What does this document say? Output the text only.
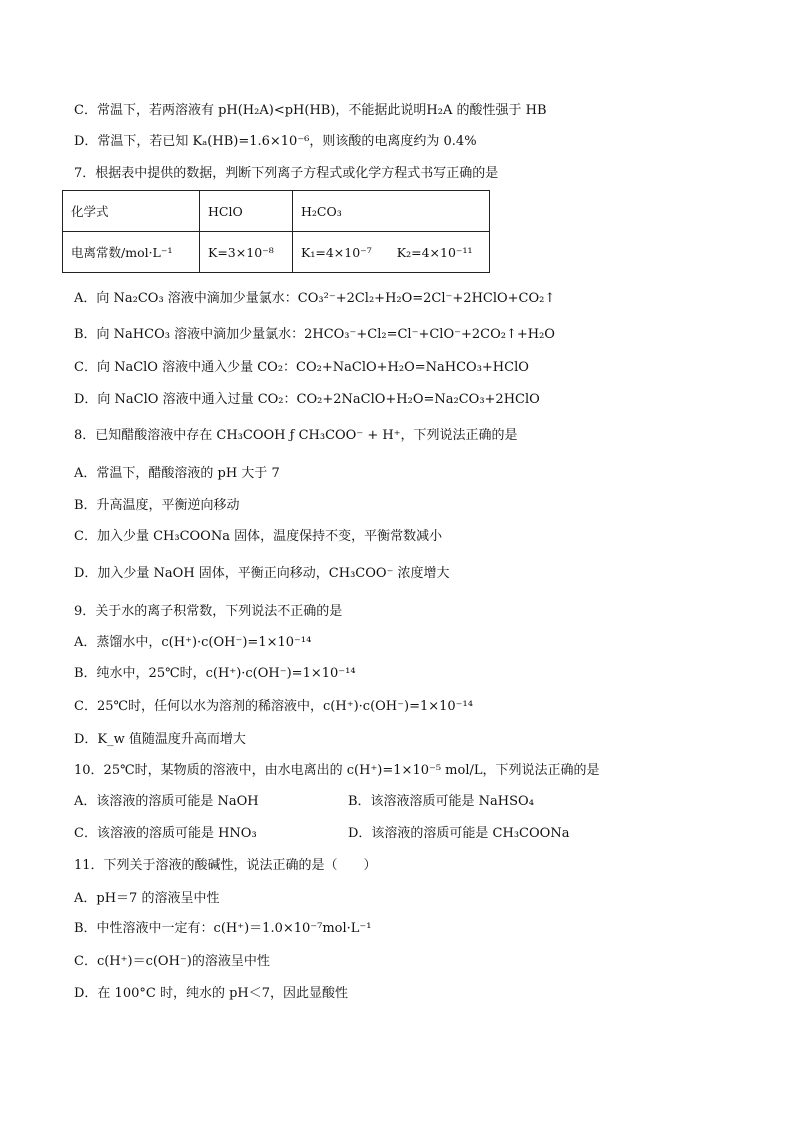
C．常温下，若两溶液有 pH(H₂A)<pH(HB)，不能据此说明H₂A 的酸性强于 HB
D．常温下，若已知 Kₐ(HB)=1.6×10⁻⁶，则该酸的电离度约为 0.4%
7．根据表中提供的数据，判断下列离子方程式或化学方程式书写正确的是
化学式	HClO	H₂CO₃
电离常数/mol·L⁻¹	K=3×10⁻⁸	K₁=4×10⁻⁷　　K₂=4×10⁻¹¹
A．向 Na₂CO₃ 溶液中滴加少量氯水：CO₃²⁻+2Cl₂+H₂O=2Cl⁻+2HClO+CO₂↑
B．向 NaHCO₃ 溶液中滴加少量氯水：2HCO₃⁻+Cl₂=Cl⁻+ClO⁻+2CO₂↑+H₂O
C．向 NaClO 溶液中通入少量 CO₂：CO₂+NaClO+H₂O=NaHCO₃+HClO
D．向 NaClO 溶液中通入过量 CO₂：CO₂+2NaClO+H₂O=Na₂CO₃+2HClO
8．已知醋酸溶液中存在 CH₃COOH ƒ CH₃COO⁻ + H⁺，下列说法正确的是
A．常温下，醋酸溶液的 pH 大于 7
B．升高温度，平衡逆向移动
C．加入少量 CH₃COONa 固体，温度保持不变，平衡常数减小
D．加入少量 NaOH 固体，平衡正向移动，CH₃COO⁻ 浓度增大
9．关于水的离子积常数，下列说法不正确的是
A．蒸馏水中，c(H⁺)·c(OH⁻)=1×10⁻¹⁴
B．纯水中，25℃时，c(H⁺)·c(OH⁻)=1×10⁻¹⁴
C．25℃时，任何以水为溶剂的稀溶液中，c(H⁺)·c(OH⁻)=1×10⁻¹⁴
D．K_w 值随温度升高而增大
10．25℃时，某物质的溶液中，由水电离出的 c(H⁺)=1×10⁻⁵ mol/L，下列说法正确的是
A．该溶液的溶质可能是 NaOH	B．该溶液溶质可能是 NaHSO₄
C．该溶液的溶质可能是 HNO₃	D．该溶液的溶质可能是 CH₃COONa
11．下列关于溶液的酸碱性，说法正确的是（　　）
A．pH＝7 的溶液呈中性
B．中性溶液中一定有：c(H⁺)＝1.0×10⁻⁷mol·L⁻¹
C．c(H⁺)＝c(OH⁻)的溶液呈中性
D．在 100°C 时，纯水的 pH＜7，因此显酸性
